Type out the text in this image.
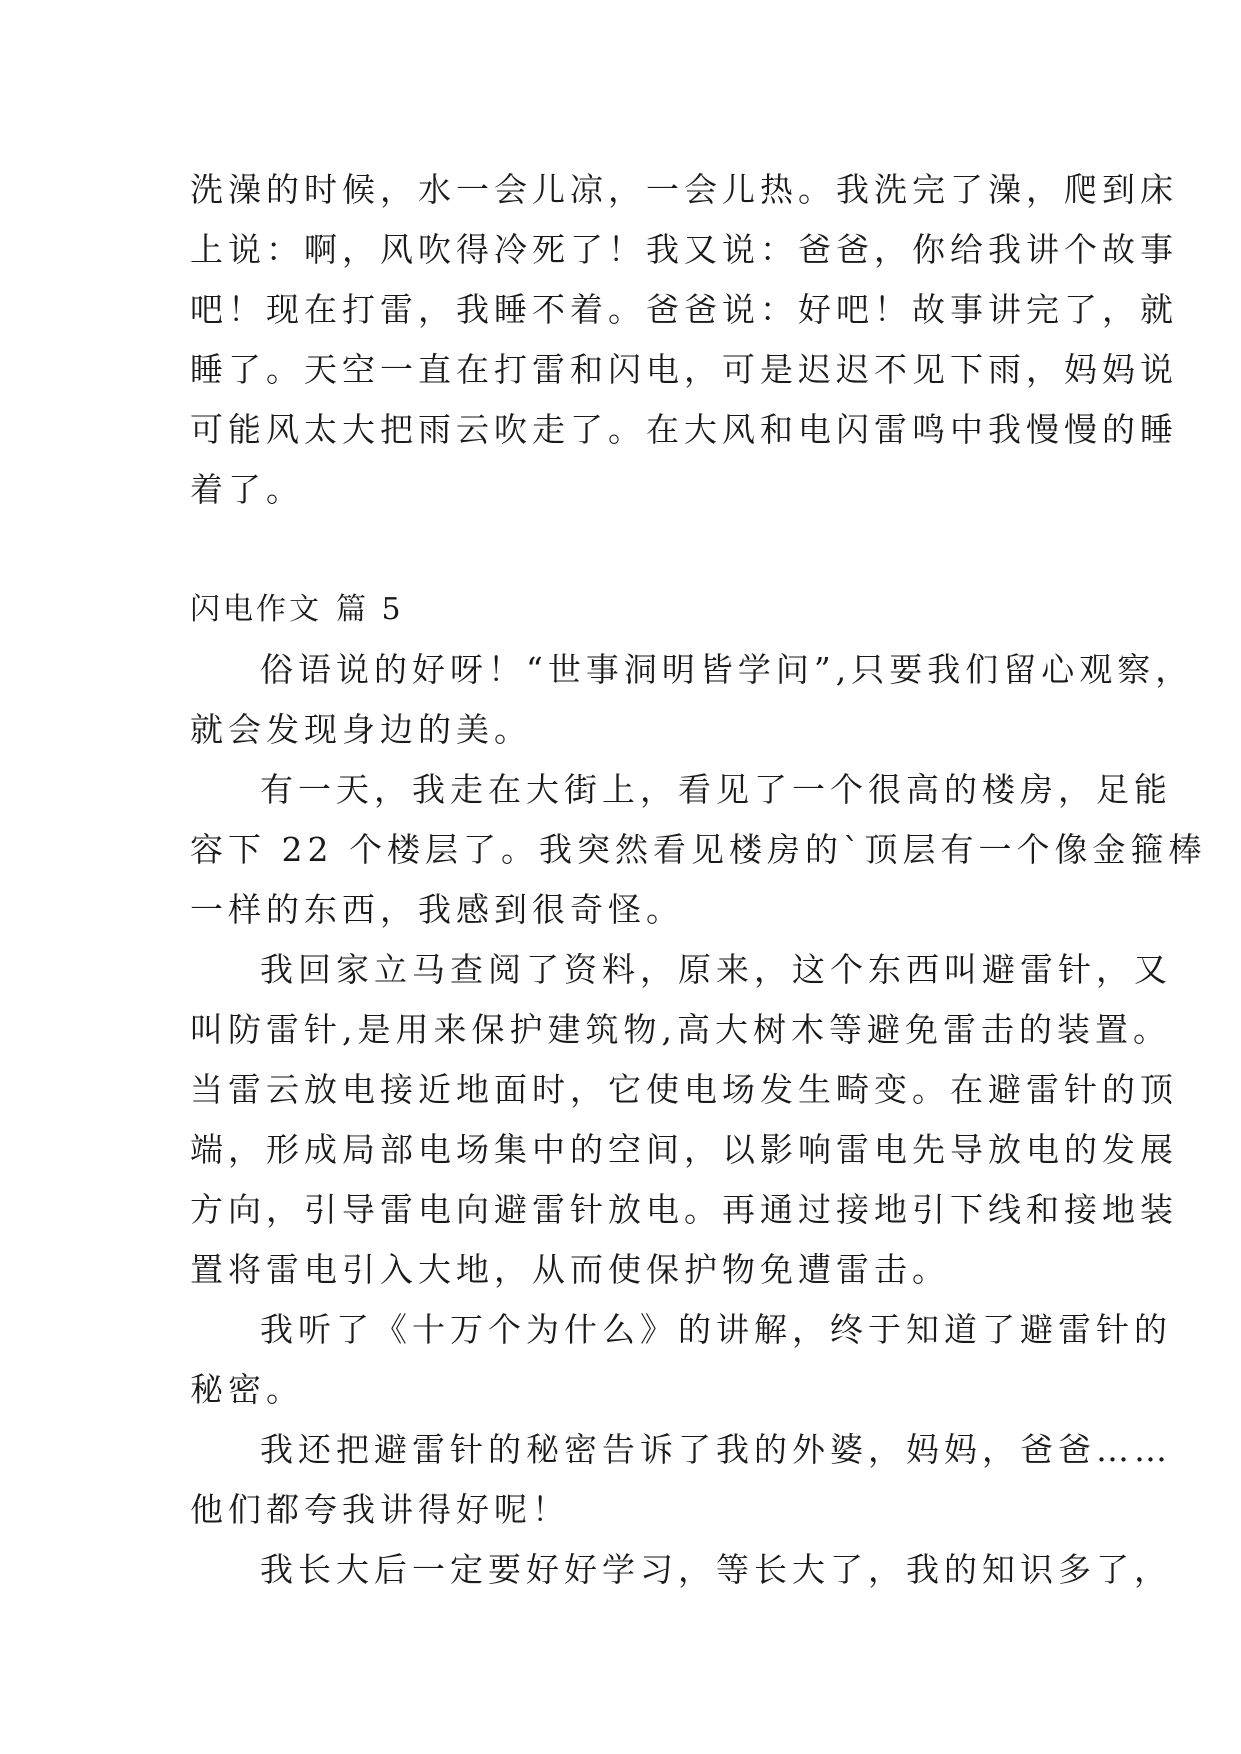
洗澡的时候，水一会儿凉，一会儿热。我洗完了澡，爬到床
上说：啊，风吹得冷死了！我又说：爸爸，你给我讲个故事
吧！现在打雷，我睡不着。爸爸说：好吧！故事讲完了，就
睡了。天空一直在打雷和闪电，可是迟迟不见下雨，妈妈说
可能风太大把雨云吹走了。在大风和电闪雷鸣中我慢慢的睡
着了。
闪电作文 篇 5
俗语说的好呀！“世事洞明皆学问”,只要我们留心观察，
就会发现身边的美。
有一天，我走在大街上，看见了一个很高的楼房，足能
容下 22 个楼层了。我突然看见楼房的`顶层有一个像金箍棒
一样的东西，我感到很奇怪。
我回家立马查阅了资料，原来，这个东西叫避雷针，又
叫防雷针,是用来保护建筑物,高大树木等避免雷击的装置。
当雷云放电接近地面时，它使电场发生畸变。在避雷针的顶
端，形成局部电场集中的空间，以影响雷电先导放电的发展
方向，引导雷电向避雷针放电。再通过接地引下线和接地装
置将雷电引入大地，从而使保护物免遭雷击。
我听了《十万个为什么》的讲解，终于知道了避雷针的
秘密。
我还把避雷针的秘密告诉了我的外婆，妈妈，爸爸……
他们都夸我讲得好呢！
我长大后一定要好好学习，等长大了，我的知识多了，
